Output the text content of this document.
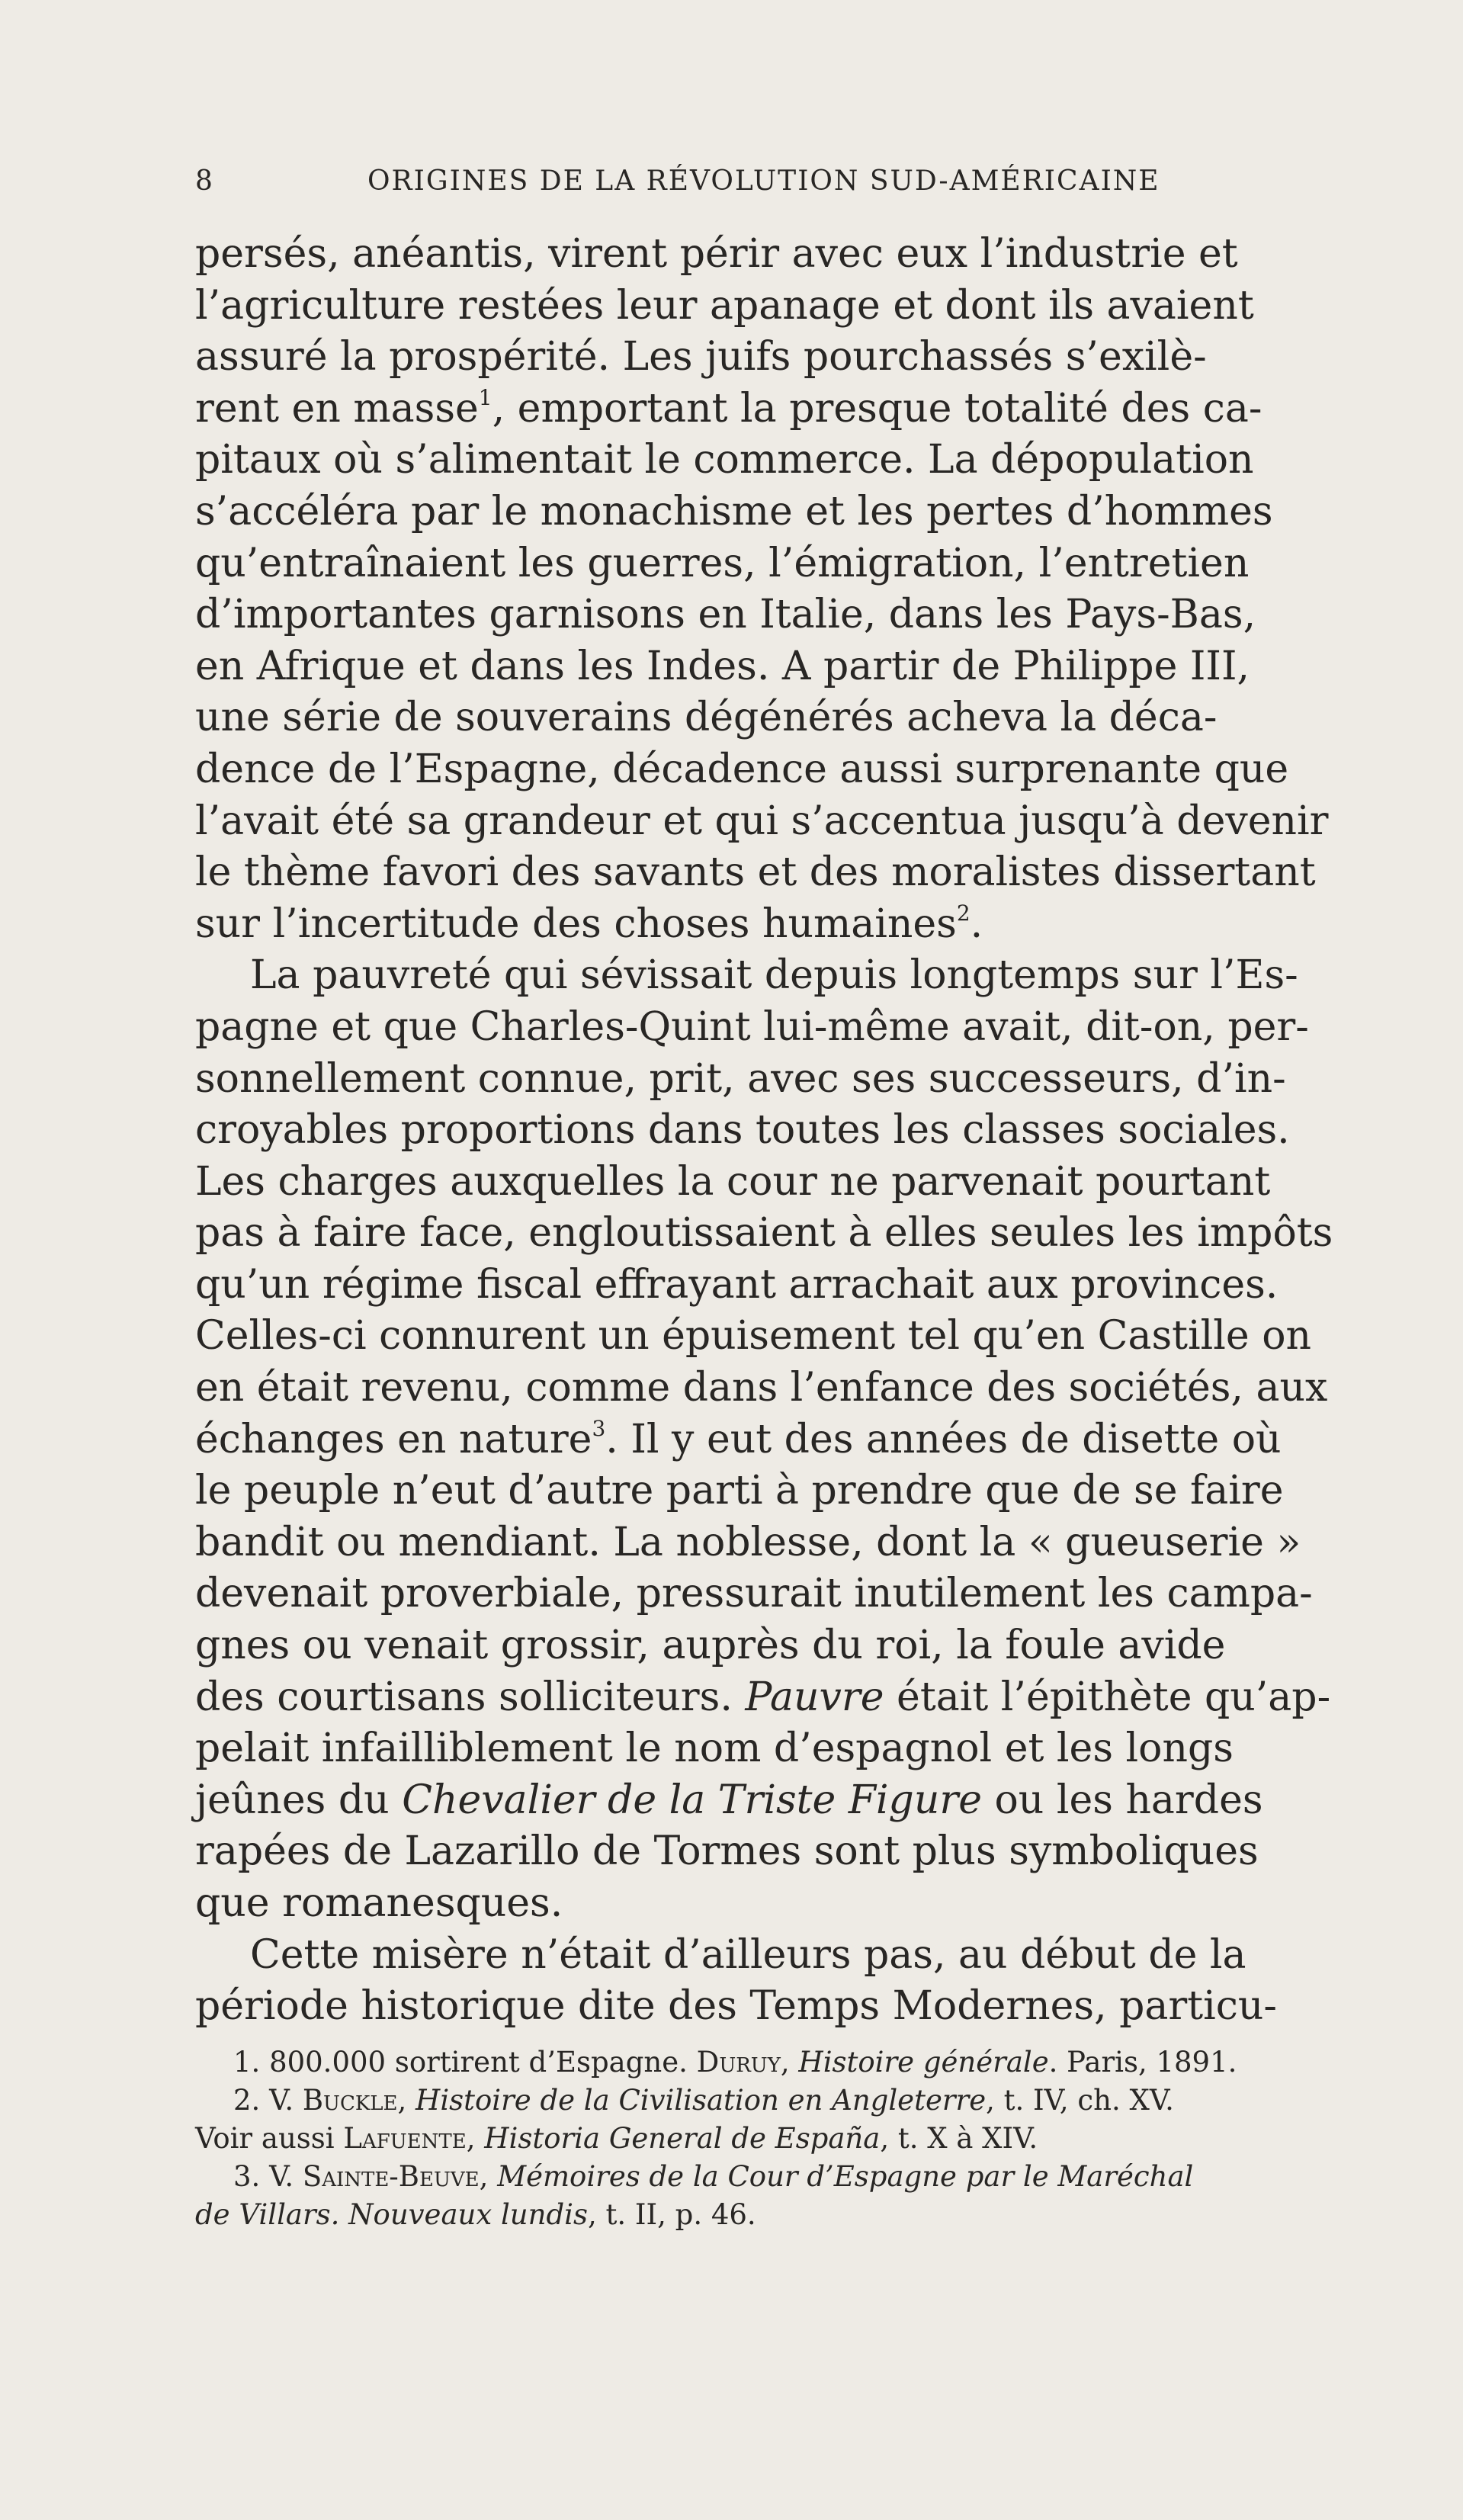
8	ORIGINES DE LA RÉVOLUTION SUD-AMÉRICAINE
persés, anéantis, virent périr avec eux l’industrie et
l’agriculture restées leur apanage et dont ils avaient
assuré la prospérité. Les juifs pourchassés s’exilè-
rent en masse$^1$, emportant la presque totalité des ca-
pitaux où s’alimentait le commerce. La dépopulation
s’accéléra par le monachisme et les pertes d’hommes
qu’entraînaient les guerres, l’émigration, l’entretien
d’importantes garnisons en Italie, dans les Pays-Bas,
en Afrique et dans les Indes. A partir de Philippe III,
une série de souverains dégénérés acheva la déca-
dence de l’Espagne, décadence aussi surprenante que
l’avait été sa grandeur et qui s’accentua jusqu’à devenir
le thème favori des savants et des moralistes dissertant
sur l’incertitude des choses humaines$^2$.
La pauvreté qui sévissait depuis longtemps sur l’Es-
pagne et que Charles-Quint lui-même avait, dit-on, per-
sonnellement connue, prit, avec ses successeurs, d’in-
croyables proportions dans toutes les classes sociales.
Les charges auxquelles la cour ne parvenait pourtant
pas à faire face, engloutissaient à elles seules les impôts
qu’un régime fiscal effrayant arrachait aux provinces.
Celles-ci connurent un épuisement tel qu’en Castille on
en était revenu, comme dans l’enfance des sociétés, aux
échanges en nature$^3$. Il y eut des années de disette où
le peuple n’eut d’autre parti à prendre que de se faire
bandit ou mendiant. La noblesse, dont la « gueuserie »
devenait proverbiale, pressurait inutilement les campa-
gnes ou venait grossir, auprès du roi, la foule avide
des courtisans solliciteurs. Pauvre était l’épithète qu’ap-
pelait infailliblement le nom d’espagnol et les longs
jeûnes du Chevalier de la Triste Figure ou les hardes
rapées de Lazarillo de Tormes sont plus symboliques
que romanesques.
Cette misère n’était d’ailleurs pas, au début de la
période historique dite des Temps Modernes, particu-
1. 800.000 sortirent d’Espagne. Duruy, Histoire générale. Paris, 1891.
2. V. Buckle, Histoire de la Civilisation en Angleterre, t. IV, ch. XV.
Voir aussi Lafuente, Historia General de España, t. X à XIV.
3. V. Sainte-Beuve, Mémoires de la Cour d’Espagne par le Maréchal
de Villars. Nouveaux lundis, t. II, p. 46.
